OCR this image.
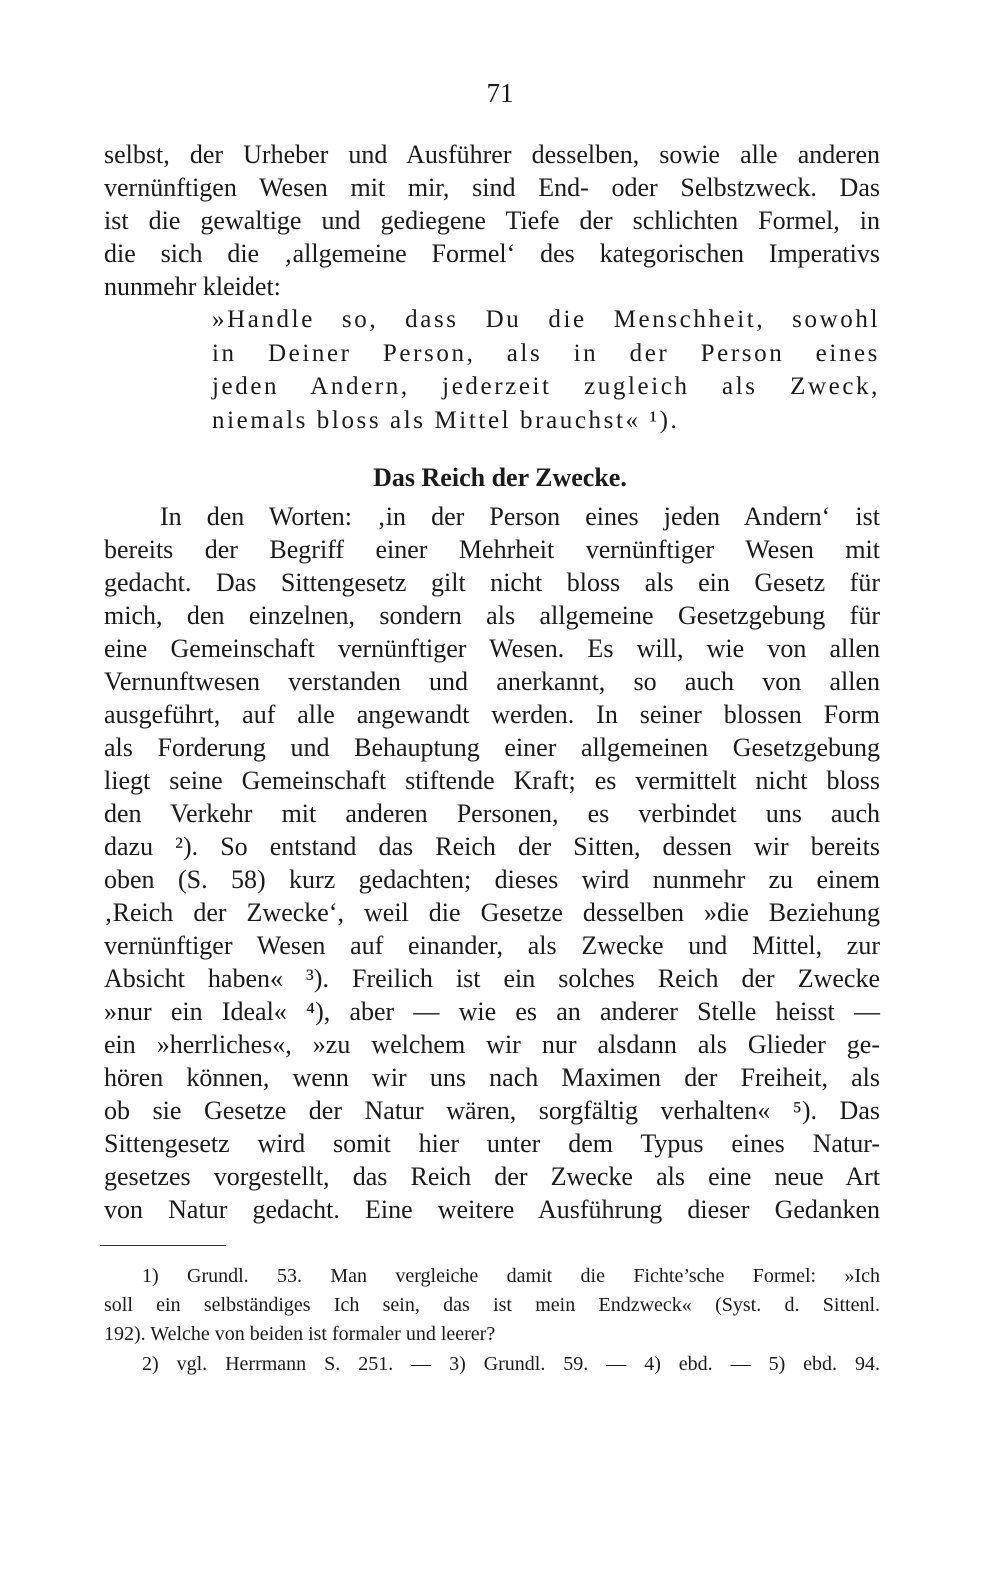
71
selbst, der Urheber und Ausführer desselben, sowie alle anderen
vernünftigen Wesen mit mir, sind End- oder Selbstzweck. Das
ist die gewaltige und gediegene Tiefe der schlichten Formel, in
die sich die ‚allgemeine Formel‘ des kategorischen Imperativs
nunmehr kleidet:
»Handle so, dass Du die Menschheit, sowohl
in Deiner Person, als in der Person eines
jeden Andern, jederzeit zugleich als Zweck,
niemals bloss als Mittel brauchst« ¹).
Das Reich der Zwecke.
In den Worten: ‚in der Person eines jeden Andern‘ ist
bereits der Begriff einer Mehrheit vernünftiger Wesen mit
gedacht. Das Sittengesetz gilt nicht bloss als ein Gesetz für
mich, den einzelnen, sondern als allgemeine Gesetzgebung für
eine Gemeinschaft vernünftiger Wesen. Es will, wie von allen
Vernunftwesen verstanden und anerkannt, so auch von allen
ausgeführt, auf alle angewandt werden. In seiner blossen Form
als Forderung und Behauptung einer allgemeinen Gesetzgebung
liegt seine Gemeinschaft stiftende Kraft; es vermittelt nicht bloss
den Verkehr mit anderen Personen, es verbindet uns auch
dazu ²). So entstand das Reich der Sitten, dessen wir bereits
oben (S. 58) kurz gedachten; dieses wird nunmehr zu einem
‚Reich der Zwecke‘, weil die Gesetze desselben »die Beziehung
vernünftiger Wesen auf einander, als Zwecke und Mittel, zur
Absicht haben« ³). Freilich ist ein solches Reich der Zwecke
»nur ein Ideal« ⁴), aber — wie es an anderer Stelle heisst —
ein »herrliches«, »zu welchem wir nur alsdann als Glieder ge-
hören können, wenn wir uns nach Maximen der Freiheit, als
ob sie Gesetze der Natur wären, sorgfältig verhalten« ⁵). Das
Sittengesetz wird somit hier unter dem Typus eines Natur-
gesetzes vorgestellt, das Reich der Zwecke als eine neue Art
von Natur gedacht. Eine weitere Ausführung dieser Gedanken
1) Grundl. 53. Man vergleiche damit die Fichte’sche Formel: »Ich
soll ein selbständiges Ich sein, das ist mein Endzweck« (Syst. d. Sittenl.
192). Welche von beiden ist formaler und leerer?
2) vgl. Herrmann S. 251. — 3) Grundl. 59. — 4) ebd. — 5) ebd. 94.
